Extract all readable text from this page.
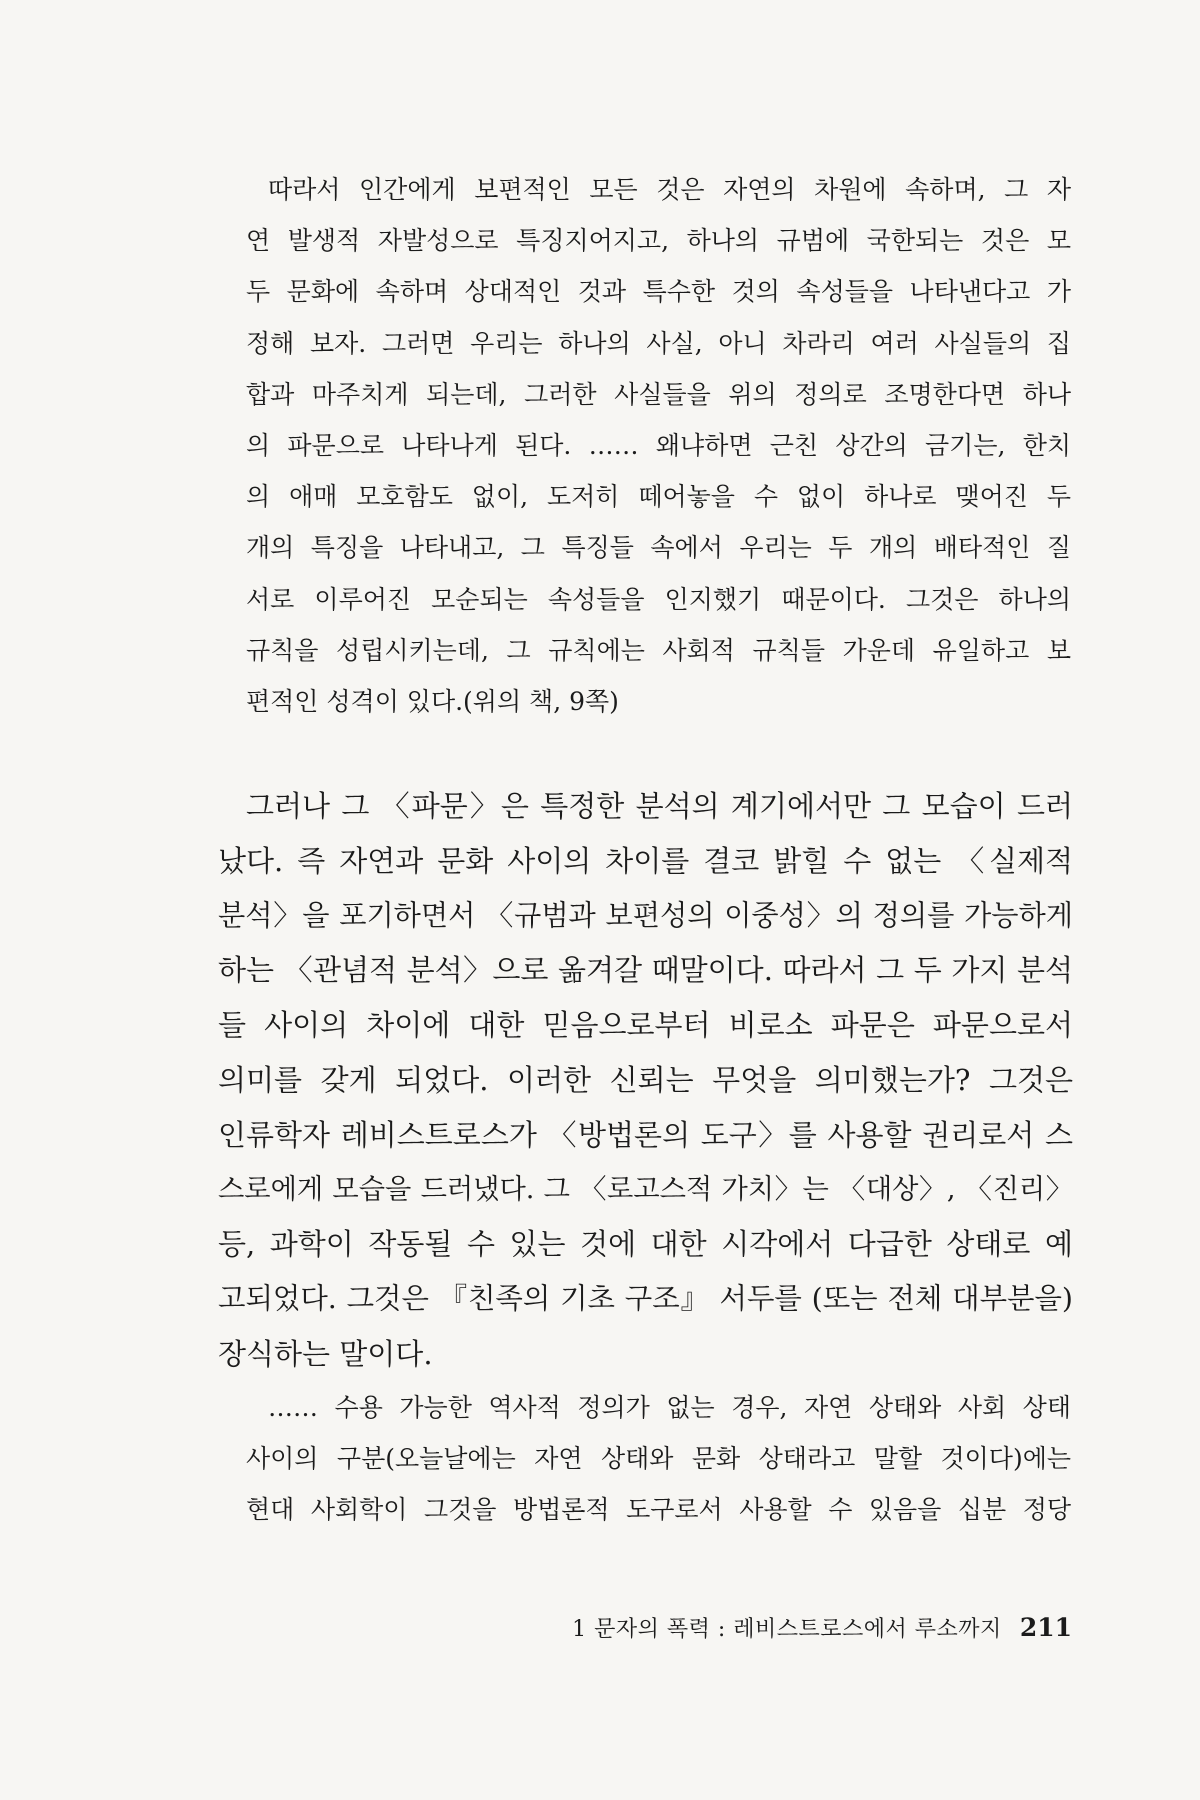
따라서 인간에게 보편적인 모든 것은 자연의 차원에 속하며, 그 자
연 발생적 자발성으로 특징지어지고, 하나의 규범에 국한되는 것은 모
두 문화에 속하며 상대적인 것과 특수한 것의 속성들을 나타낸다고 가
정해 보자. 그러면 우리는 하나의 사실, 아니 차라리 여러 사실들의 집
합과 마주치게 되는데, 그러한 사실들을 위의 정의로 조명한다면 하나
의 파문으로 나타나게 된다. …… 왜냐하면 근친 상간의 금기는, 한치
의 애매 모호함도 없이, 도저히 떼어놓을 수 없이 하나로 맺어진 두
개의 특징을 나타내고, 그 특징들 속에서 우리는 두 개의 배타적인 질
서로 이루어진 모순되는 속성들을 인지했기 때문이다. 그것은 하나의
규칙을 성립시키는데, 그 규칙에는 사회적 규칙들 가운데 유일하고 보
편적인 성격이 있다.(위의 책, 9쪽)
그러나 그 〈파문〉은 특정한 분석의 계기에서만 그 모습이 드러
났다. 즉 자연과 문화 사이의 차이를 결코 밝힐 수 없는 〈실제적
분석〉을 포기하면서 〈규범과 보편성의 이중성〉의 정의를 가능하게
하는 〈관념적 분석〉으로 옮겨갈 때말이다. 따라서 그 두 가지 분석
들 사이의 차이에 대한 믿음으로부터 비로소 파문은 파문으로서
의미를 갖게 되었다. 이러한 신뢰는 무엇을 의미했는가? 그것은
인류학자 레비스트로스가 〈방법론의 도구〉를 사용할 권리로서 스
스로에게 모습을 드러냈다. 그 〈로고스적 가치〉는 〈대상〉, 〈진리〉
등, 과학이 작동될 수 있는 것에 대한 시각에서 다급한 상태로 예
고되었다. 그것은 『친족의 기초 구조』 서두를 (또는 전체 대부분을)
장식하는 말이다.
…… 수용 가능한 역사적 정의가 없는 경우, 자연 상태와 사회 상태
사이의 구분(오늘날에는 자연 상태와 문화 상태라고 말할 것이다)에는
현대 사회학이 그것을 방법론적 도구로서 사용할 수 있음을 십분 정당
1 문자의 폭력 : 레비스트로스에서 루소까지 211
